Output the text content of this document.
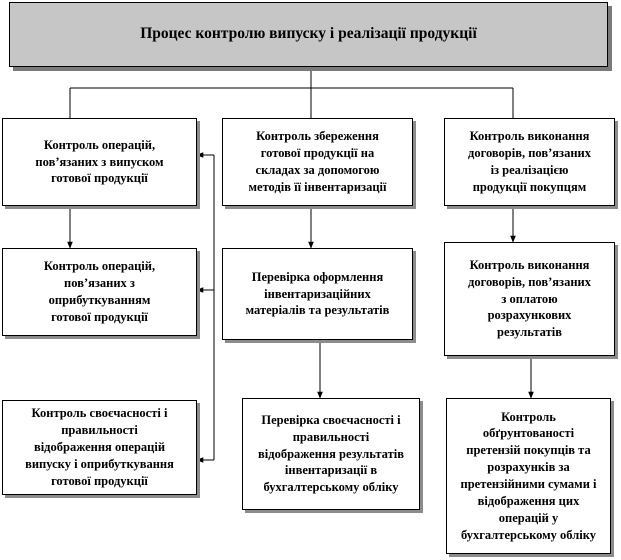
Процес контролю випуску і реалізації продукції
Контроль операцій,
пов’язаних з випуском
готової продукції
Контроль операцій,
пов’язаних з
оприбуткуванням
готової продукції
Контроль своєчасності і
правильності
відображення операцій
випуску і оприбуткування
готової продукції
Контроль збереження
готової продукції на
складах за допомогою
методів її інвентаризації
Перевірка оформлення
інвентаризаційних
матеріалів та результатів
Перевірка своєчасності і
правильності
відображення результатів
інвентаризації в
бухгалтерському обліку
Контроль виконання
договорів, пов’язаних
із реалізацією
продукції покупцям
Контроль виконання
договорів, пов’язаних
з оплатою
розрахункових
результатів
Контроль
обґрунтованості
претензій покупців та
розрахунків за
претензійними сумами і
відображення цих
операцій у
бухгалтерському обліку
